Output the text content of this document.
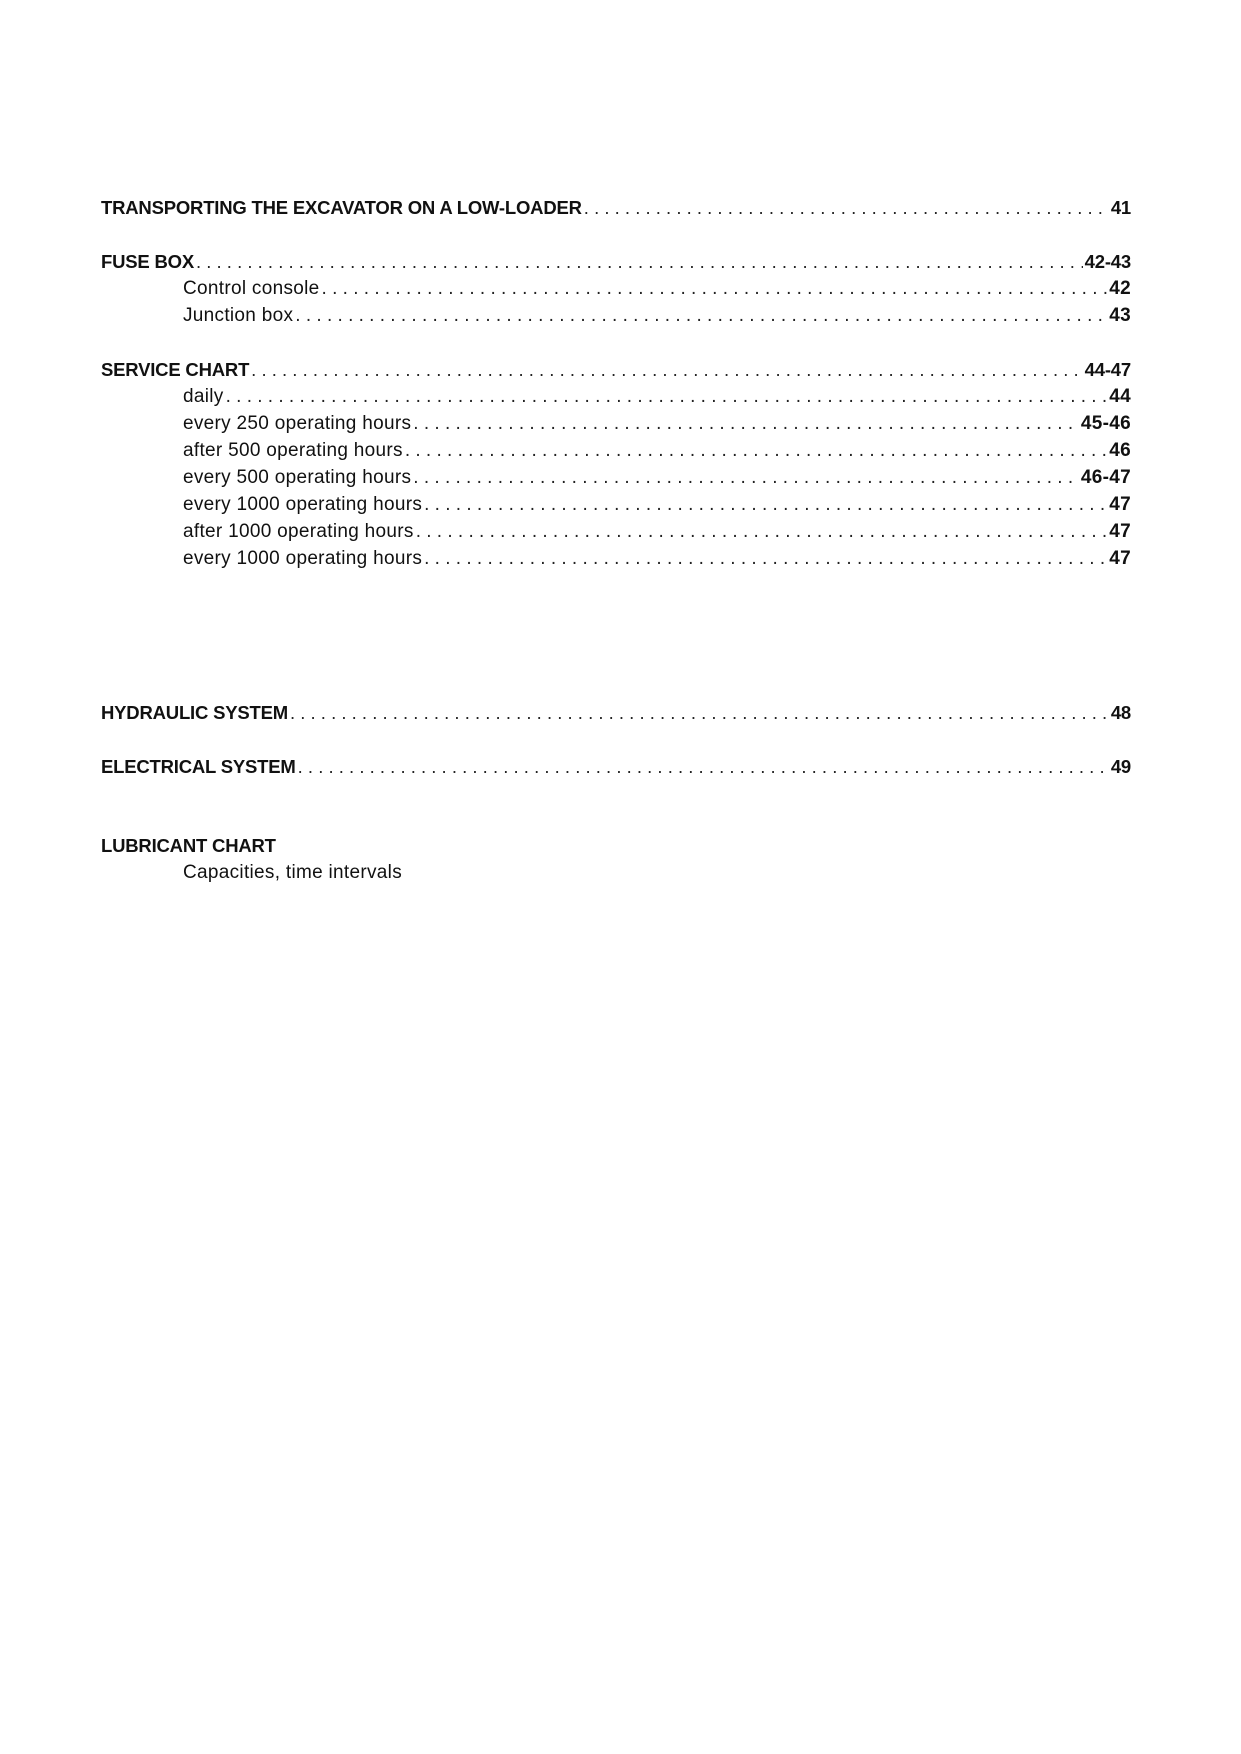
TRANSPORTING THE EXCAVATOR ON A LOW-LOADER . . .	41
FUSE BOX . . .	42-43
Control console . . .	42
Junction box . . .	43
SERVICE CHART . . .	44-47
daily . . .	44
every 250 operating hours . . .	45-46
after 500 operating hours . . .	46
every 500 operating hours . . .	46-47
every 1000 operating hours . . .	47
after 1000 operating hours . . .	47
every 1000 operating hours . . .	47
HYDRAULIC SYSTEM . . .	48
ELECTRICAL SYSTEM . . .	49
LUBRICANT CHART
Capacities, time intervals
